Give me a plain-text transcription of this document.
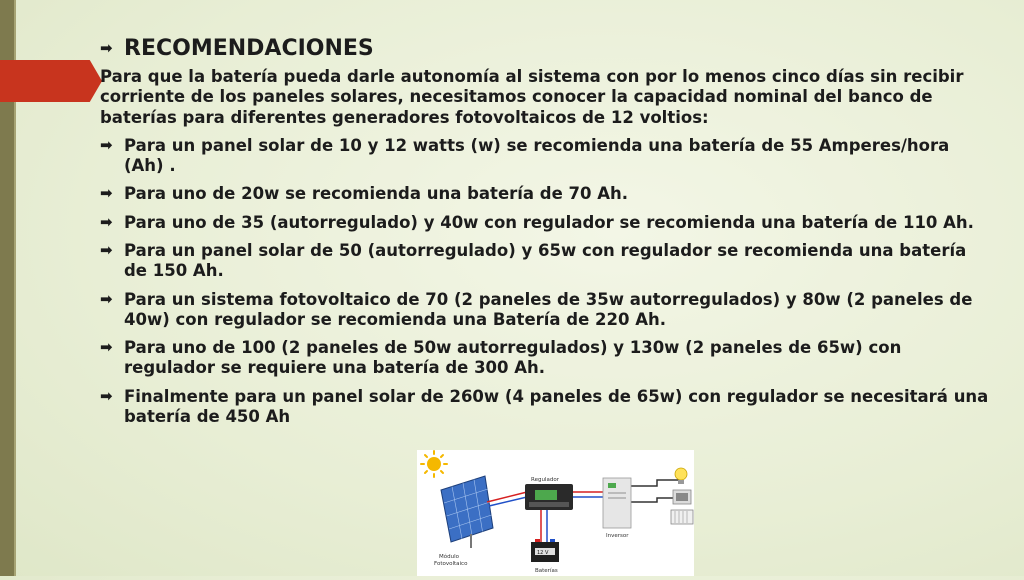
➡ RECOMENDACIONES

Para que la batería pueda darle autonomía al sistema con por lo menos cinco días sin recibir corriente de los paneles solares, necesitamos conocer la capacidad nominal del banco de baterías para diferentes generadores fotovoltaicos de 12 voltios:

➡ Para un panel solar de 10 y 12 watts (w) se recomienda una batería de 55 Amperes/hora (Ah) .
➡ Para uno de 20w se recomienda una batería de 70 Ah.
➡ Para uno de 35 (autorregulado) y 40w con regulador se recomienda una batería de 110 Ah.
➡ Para un panel solar de 50 (autorregulado) y 65w con regulador se recomienda una batería de 150 Ah.
➡ Para un sistema fotovoltaico de 70 (2 paneles de 35w autorregulados) y 80w (2 paneles de 40w) con regulador se recomienda una Batería de 220 Ah.
➡ Para uno de 100 (2 paneles de 50w autorregulados) y 130w (2 paneles de 65w) con regulador se requiere una batería de 300 Ah.
➡ Finalmente para un panel solar de 260w (4 paneles de 65w) con regulador se necesitará una batería de 450 Ah
Módulo
Fotovoltaico
Regulador
12 V
Baterías
Inversor
